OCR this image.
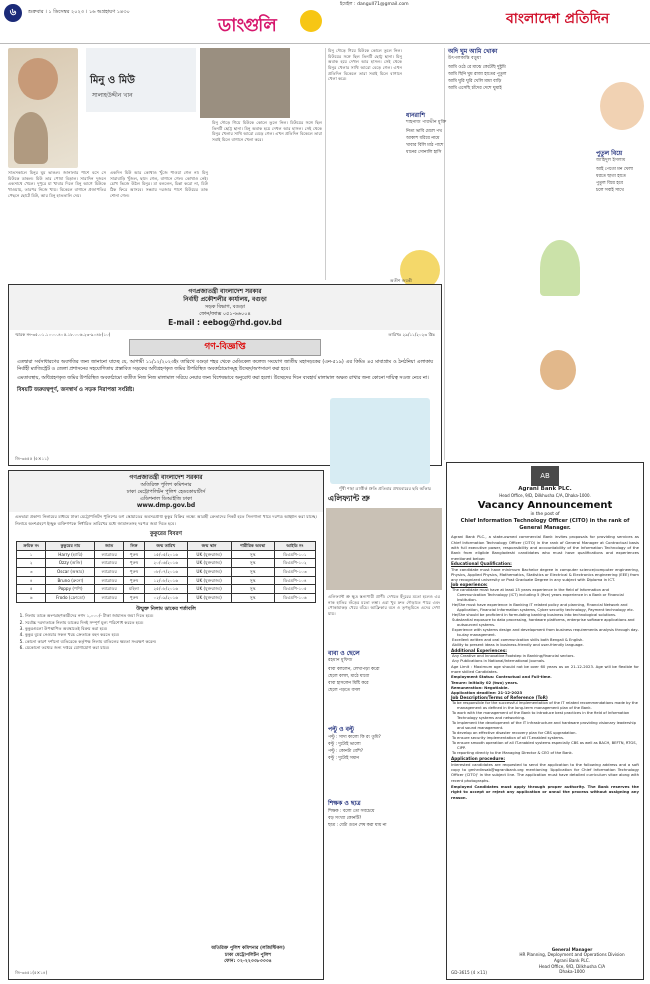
৬	শুক্রবার । ১ ডিসেম্বর ২০২৩ । ১৬ অগ্রহায়ণ ১৪৩০
ইমেইল : dangulI71@gmail.com
ডাংগুলি	বাংলাদেশ প্রতিদিন
মিনু ও মিউ
সালাহউদ্দীন খান

সাতসকালে মিনুর ঘুম ভাঙল। জানালার পাশে বসে সে মিউকে ডাকল। মিউ তার পোষা বিড়াল। সারাদিন দুজনে একসাথে খেলে। দুপুরে মা খাবার দিলে মিনু আগে মিউকে খাওয়ায়, তারপর নিজে খায়। বিকেলে বাগানে প্রজাপতির পেছনে ছোটে মিউ, আর মিনু হাততালি দেয়।

একদিন মিউ আর কোথাও খুঁজে পাওয়া গেল না। মিনু সারাবাড়ি খুঁজল, ছাদে গেল, বাগানে গেল। কোথাও নেই। চোখ ভিজে উঠল মিনুর। মা বললেন, চিন্তা করো না, মিউ ঠিক ফিরে আসবে। সন্ধ্যায় দরজার পাশে মিউয়ের ডাক শোনা গেল।

মিনু দৌড়ে গিয়ে মিউকে কোলে তুলে নিল। মিউয়ের সঙ্গে ছিল তিনটি ছোট্ট ছানা। মিনু অবাক হয়ে দেখল আর হাসল। সেই থেকে মিনুর খেলার সাথি আরো বেড়ে গেল। এখন প্রতিদিন বিকেলে তারা সবাই মিলে বাগানে খেলা করে।

অদি ঘুম আমি খোকা
উৎপলকান্তি বড়ুয়া
আমি ওঠে রে মাঝে কেটেছি দুষ্টুমি
আমি ছিনি ঘুম রাজা হাতের পুতুল
আমি ঘুরি ঘুরি খেলি মামা বাড়ি
আমি এসেছি চাঁদের দেশে ঘুমাই
ধানরাশি
শাহনাজ পারভীন মুক্তি
নিত্য ভাবি মেলে পথ
আকাশ ধরিয়ে নামে
খাবার বিলি মাঠ পাশে
ধানের সোনালি হাসি	পুতুল বিয়ে
জাহিদুল ইসলাম
আই পেতো মন খেলা
ধরতে ছাতা হাতে
পুতুল বিয়ে হবে
চলে সবাই সাথে

মিনু দৌড়ে গিয়ে মিউকে কোলে তুলে নিল। মিউয়ের সঙ্গে ছিল তিনটি ছোট্ট ছানা। মিনু অবাক হয়ে দেখল আর হাসল। সেই থেকে মিনুর খেলার সাথি আরো বেড়ে গেল। এখন প্রতিদিন বিকেলে তারা সবাই মিলে বাগানে খেলা করে।

গণপ্রজাতন্ত্রী বাংলাদেশ সরকার
নির্বাহী প্রকৌশলীর কার্যালয়, বগুড়া
সড়ক বিভাগ, বগুড়া
ফোন/ফ্যাক্স ০৫১-৬৬০০৪
E-mail : eebog@rhd.gov.bd
স্মারক নং-৩৫.০১.১০০০.৪০৫.১৮.০০৬.২৩-৯০৪৮(১০)	তারিখঃ ২৯/১১/২০২৩ খ্রিঃ
গণ-বিজ্ঞপ্তি
এতদ্বারা সর্বসাধারণের অবগতির জন্য জানানো যাচ্ছে যে, আগামী ১১/১২/২০২৩ইং তারিখে বগুড়া শহর থেকে মেডিকেল কলেজ সংযোগ জাতীয় মহাসড়কের (এন-৫১৯) এর কিমিঃ ৪৫ মাবাগ্রাম ও ঠনঠনিয়া এলাকায় নির্বাহী ম্যাজিস্ট্রেট ও জেলা প্রশাসনের সহযোগিতায় প্রস্তাবিত সড়কের অধিগ্রহণকৃত জমির উপরিস্থিত অবকাঠামোসমূহ উচ্ছেদ/অপসারণ করা হবে।
এমতাবস্থায়, অধিগ্রহণকৃত জমির উপরিস্থিত অবকাঠামো ব্যতীত নিজ নিজ মালামাল সরিয়ে নেয়ার জন্য বিশেষভাবে অনুরোধ করা হলো। উচ্ছেদের দিনে ব্যবহার্য মালামাল অক্ষত রাখার জন্য কোনো দায়িত্ব সওজ নেবে না।
বিষয়টি জরুরত্বপূর্ণ, জনস্বার্থ ও সড়ক নিরাপত্তা সংশ্লিষ্ট।
জি-৩৬৫৫ (৫×১১)
অতীশ জয়ন্তী
গণপ্রজাতন্ত্রী বাংলাদেশ সরকার
অতিরিক্ত পুলিশ কমিশনার
ঢাকা মেট্রোপলিটন পুলিশ হেডকোয়ার্টার্স
এডিশনাল ডিআইজি ঢাকা
www.dmp.gov.bd
এতদ্বারা প্রকাশ্য নিলামের মাধ্যমে ঢাকা মেট্রোপলিটন পুলিশের ডগ স্কোয়াডের অবসরপ্রাপ্ত কুকুর বিক্রির লক্ষ্যে আগ্রহী ক্রেতাদের নিকট হতে সিলগালা খামে দরপত্র আহ্বান করা যাচ্ছে। নিলামে অংশগ্রহণে ইচ্ছুক ব্যক্তিগণকে নির্ধারিত তারিখের মধ্যে জামানতসহ দরপত্র জমা দিতে হবে।
কুকুরের বিবরণ
ক্রমিক নং	কুকুরের নাম	জাত	লিঙ্গ	জন্ম তারিখ	জন্ম স্থান	শারীরিক অবস্থা	আইডি নং
১	Harry (হ্যারি)	ল্যাব্রাডর	পুরুষ	১৫/০৫/২০১৬	UK (যুক্তরাজ্য)	সুস্থ	ডিএমপি-১০১
২	Ozzy (অজি)	ল্যাব্রাডর	পুরুষ	২০/০৬/২০১৬	UK (যুক্তরাজ্য)	সুস্থ	ডিএমপি-১০২
৩	Oscar (অস্কার)	ল্যাব্রাডর	পুরুষ	০৮/০৭/২০১৬	UK (যুক্তরাজ্য)	সুস্থ	ডিএমপি-১০৩
৪	Bruno (ব্রুনো)	ল্যাব্রাডর	পুরুষ	১২/০৮/২০১৬	UK (যুক্তরাজ্য)	সুস্থ	ডিএমপি-১০৪
৫	Poppy (পপি)	ল্যাব্রাডর	মহিলা	২৫/০৮/২০১৬	UK (যুক্তরাজ্য)	সুস্থ	ডিএমপি-১০৫
৬	Frodo (ফ্রোডো)	ল্যাব্রাডর	পুরুষ	০২/০৯/২০১৬	UK (যুক্তরাজ্য)	সুস্থ	ডিএমপি-১০৬
উন্মুক্ত নিলাম ডাকের শর্তাবলি
1. নিলাম ডাকে অংশগ্রহণকারীদের নগদ ১,০০০/- টাকা জামানত জমা দিতে হবে।
2. সর্বোচ্চ দরদাতাকে নিলাম ডাকের দিনই সম্পূর্ণ মূল্য পরিশোধ করতে হবে।
3. কুকুরগুলো উপস্থাপিত অবস্থাতেই বিক্রয় করা হবে।
4. কুকুর বুঝে নেওয়ার সকল খরচ ক্রেতাকে বহন করতে হবে।
5. কোনো কারণ দর্শানো ব্যতিরেকে কর্তৃপক্ষ নিলাম বাতিলের ক্ষমতা সংরক্ষণ করেন।
6. যেকোনো তথ্যের জন্য দপ্তরে যোগাযোগ করা যাবে।
অতিরিক্ত পুলিশ কমিশনার (লজিস্টিকস)
ঢাকা মেট্রোপলিটন পুলিশ
ফোন: ০২-২২৩৩৮৩৩৩৪
জি-৩৬৫১(৫×১৪)
পুঁথী শাহা ত্রাপ্তীর্ক প্রুতি প্রতিবার প্রথমবারের ছবি আঁকার
এলিফ্যান্ট শ্রু
এলিফ্যান্ট শ্রু ক্ষুদ্র স্তন্যপায়ী প্রাণী। দেখতে ইঁদুরের মতো হলেও এর নাক হাতির শুঁড়ের মতো লম্বা। এরা খুব দ্রুত দৌড়াতে পারে এবং পোকামাকড় খেয়ে বাঁচে। আফ্রিকার বনে ও তৃণভূমিতে এদের দেখা যায়।
বাবা ও ছেলে
রহমান মুফিজ
বাবা বললেন, লেখাপড়া করো
ছেলে বলল, মাঠে যাবো
বাবা হাসলেন মিষ্টি করে
ছেলে পড়তে বসল
পল্টু ও বল্টু
পল্টু : সাদা কালো কি রং তুমি?
বল্টু : দুটোই ভালো
পল্টু : কোনটা বেশি?
বল্টু : দুটোই সমান
শিক্ষক ও ছাত্র
শিক্ষক : বলো তো সবচেয়ে
বড় সংখ্যা কোনটি?
ছাত্র : যেটা গুনে শেষ করা যায় না
AB
Agrani Bank PLC.
Head Office, 9/D, Dilkhusha C/A, Dhaka-1000.
Vacancy Announcement
in the post of
Chief Information Technology Officer (CITO) in the rank of General Manager.
Agrani Bank PLC., a state-owned commercial Bank invites proposals for providing services as Chief Information Technology Officer (CITO) in the rank of General Manager at Contractual basis with full executive power, responsibility and accountability of the Information Technology of the Bank from eligible Bangladeshi candidates who must have qualifications and experiences mentioned below:
Educational Qualification:
The candidate must have minimum Bachelor degree in computer science/computer engineering, Physics, Applied Physics, Mathematics, Statistics or Electrical & Electronics engineering (EEE) from any recognized university or Post Graduate Degree in any subject with Diploma in ICT.
Job experience:
The candidate must have at least 15 years experience in the field of Information and Communication Technology (ICT) including 5 (five) years experience in a Bank or Financial Institution.
He/She must have experience in Banking IT related policy and planning, Financial Network and Application, Financial Information systems, Cyber security technology, Payment technology etc.
He/She should be proficient in formulating banking business into technological solutions.
Substantial exposure to data processing, hardware platforms, enterprise software applications and outsourced systems.
Experience with systems design and development from business requirements analysis through day-to-day management.
Excellent written and oral communication skills both Bengali & English.
Ability to present ideas in business-friendly and user-friendly language.
Additional Experiences:
Any Creative and Innovative Footstep in Banking/financial sectors.
Any Publications in National/International Journals.
Age Limit : Maximum age should not be over 60 years as on 21-12-2023. Age will be flexible for more skilled Candidates.
Employment Status: Contractual and Full-time.
Tenure: Initially 02 (two) years.
Remuneration: Negotiable.
Application deadline: 21-12-2023
Job Description/Terms of Reference (ToR)
To be responsible for the successful implementation of the IT related recommendations made by the management as defined in the long-term management plan of the Bank.
To work with the management of the Bank to introduce best practices in the field of Information Technology systems and networking.
To implement the development of the IT infrastructure and hardware providing visionary leadership and sound management.
To develop an effective disaster recovery plan for CBS upgradation.
To ensure security implementation of all IT-enabled systems.
To ensure smooth operation of all IT-enabled systems especially CBS as well as BACH, BEFTN, RTGS, CIPP.
To reporting directly to the Managing Director & CEO of the Bank.
Application procedure:
Interested candidates are requested to send the application to the following address and a soft copy to gmhrdinsab@agranibank.org mentioning 'Application for Chief Information Technology Officer (CITO)' in the subject line. The application must have detailed curriculum vitae along with recent photographs.
Employed Candidates must apply through proper authority. The Bank reserves the right to accept or reject any application or annul the process without assigning any reason.
General Manager
HR Planning, Deployment and Operations Division
Agrani Bank PLC.
Head Office, 9/D, Dilkhusha C/A
Dhaka-1000
GD-3615 (4 ×11)
